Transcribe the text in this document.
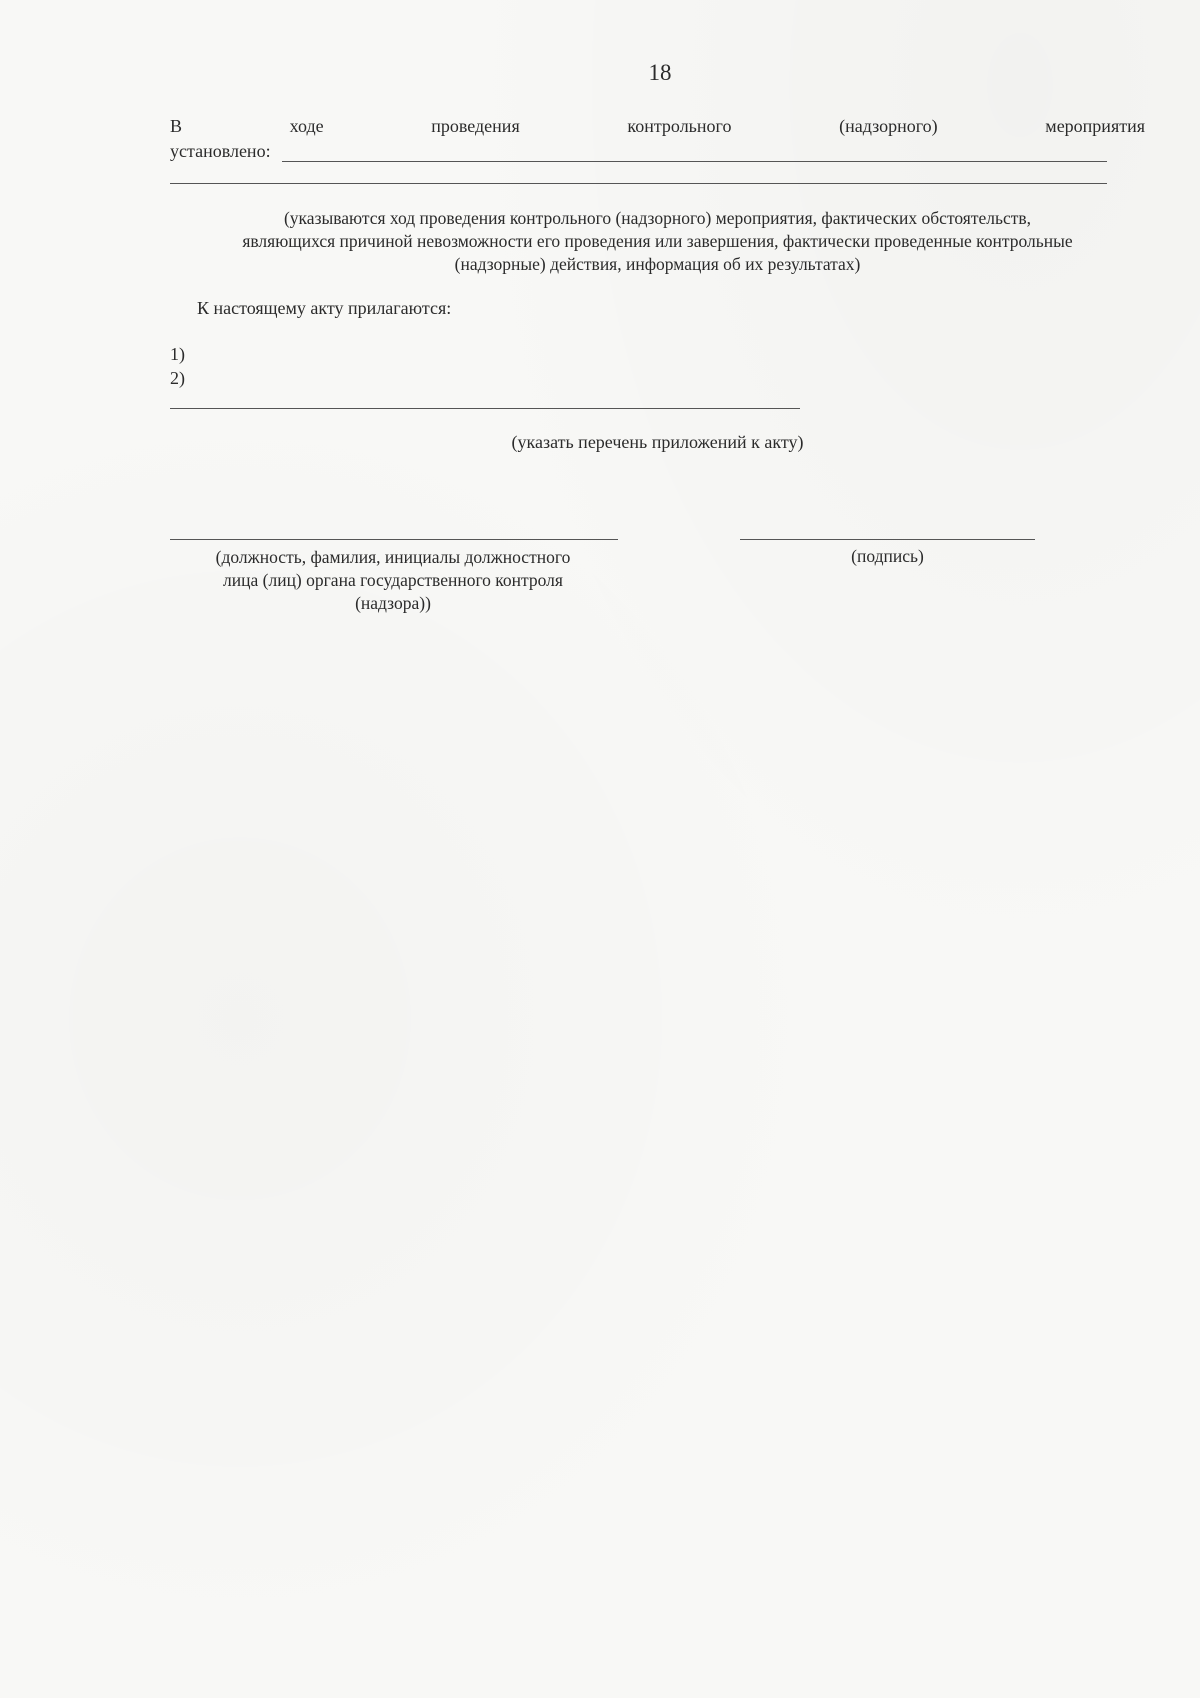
18
В	ходе	проведения	контрольного	(надзорного)	мероприятия
установлено:
(указываются ход проведения контрольного (надзорного) мероприятия, фактических обстоятельств,
являющихся причиной невозможности его проведения или завершения, фактически проведенные контрольные
(надзорные) действия, информация об их результатах)
К настоящему акту прилагаются:
1)
2)
(указать перечень приложений к акту)
(должность, фамилия, инициалы должностного
лица (лиц) органа государственного контроля
(надзора))
(подпись)
